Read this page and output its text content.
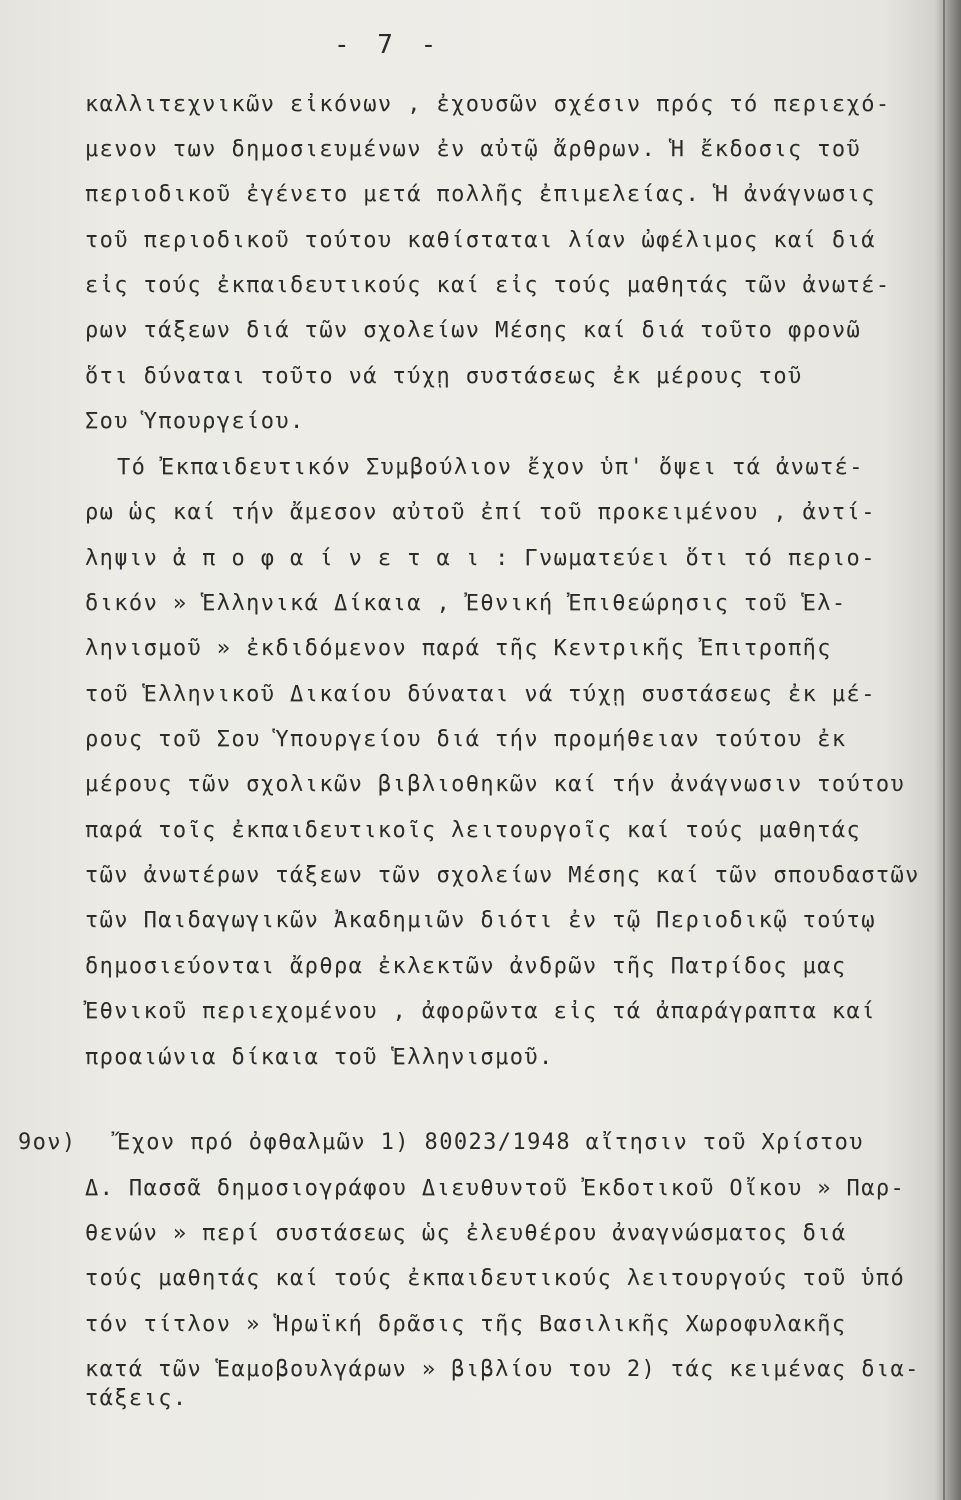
- 7 -
καλλιτεχνικῶν εἰκόνων , ἐχουσῶν σχέσιν πρός τό περιεχό-
μενον των δημοσιευμένων ἐν αὐτῷ ἄρθρων. Ἡ ἔκδοσις τοῦ
περιοδικοῦ ἐγένετο μετά πολλῆς ἐπιμελείας. Ἡ ἀνάγνωσις
τοῦ περιοδικοῦ τούτου καθίσταται λίαν ὠφέλιμος καί διά
εἰς τούς ἐκπαιδευτικούς καί εἰς τούς μαθητάς τῶν ἀνωτέ-
ρων τάξεων διά τῶν σχολείων Μέσης καί διά τοῦτο φρονῶ
ὅτι δύναται τοῦτο νά τύχῃ συστάσεως ἐκ μέρους τοῦ
Σου Ὑπουργείου.
Τό Ἐκπαιδευτικόν Συμβούλιον ἔχον ὑπ' ὄψει τά ἀνωτέ-
ρω ὡς καί τήν ἄμεσον αὐτοῦ ἐπί τοῦ προκειμένου , ἀντί-
ληψιν ἀ π ο φ α ί ν ε τ α ι : Γνωματεύει ὅτι τό περιο-
δικόν » Ἑλληνικά Δίκαια , Ἐθνική Ἐπιθεώρησις τοῦ Ἑλ-
ληνισμοῦ » ἐκδιδόμενον παρά τῆς Κεντρικῆς Ἐπιτροπῆς
τοῦ Ἑλληνικοῦ Δικαίου δύναται νά τύχῃ συστάσεως ἐκ μέ-
ρους τοῦ Σου Ὑπουργείου διά τήν προμήθειαν τούτου ἐκ
μέρους τῶν σχολικῶν βιβλιοθηκῶν καί τήν ἀνάγνωσιν τούτου
παρά τοῖς ἐκπαιδευτικοῖς λειτουργοῖς καί τούς μαθητάς
τῶν ἀνωτέρων τάξεων τῶν σχολείων Μέσης καί τῶν σπουδαστῶν
τῶν Παιδαγωγικῶν Ἀκαδημιῶν διότι ἐν τῷ Περιοδικῷ τούτῳ
δημοσιεύονται ἄρθρα ἐκλεκτῶν ἀνδρῶν τῆς Πατρίδος μας
Ἐθνικοῦ περιεχομένου , ἀφορῶντα εἰς τά ἀπαράγραπτα καί
προαιώνια δίκαια τοῦ Ἑλληνισμοῦ.
9ον) Ἔχον πρό ὀφθαλμῶν 1) 80023/1948 αἴτησιν τοῦ Χρίστου
Δ. Πασσᾶ δημοσιογράφου Διευθυντοῦ Ἐκδοτικοῦ Οἴκου » Παρ-
θενών » περί συστάσεως ὡς ἐλευθέρου ἀναγνώσματος διά
τούς μαθητάς καί τούς ἐκπαιδευτικούς λειτουργούς τοῦ ὑπό
τόν τίτλον » Ἡρωϊκή δρᾶσις τῆς Βασιλικῆς Χωροφυλακῆς
κατά τῶν Ἑαμοβουλγάρων » βιβλίου του 2) τάς κειμένας δια-
τάξεις.
